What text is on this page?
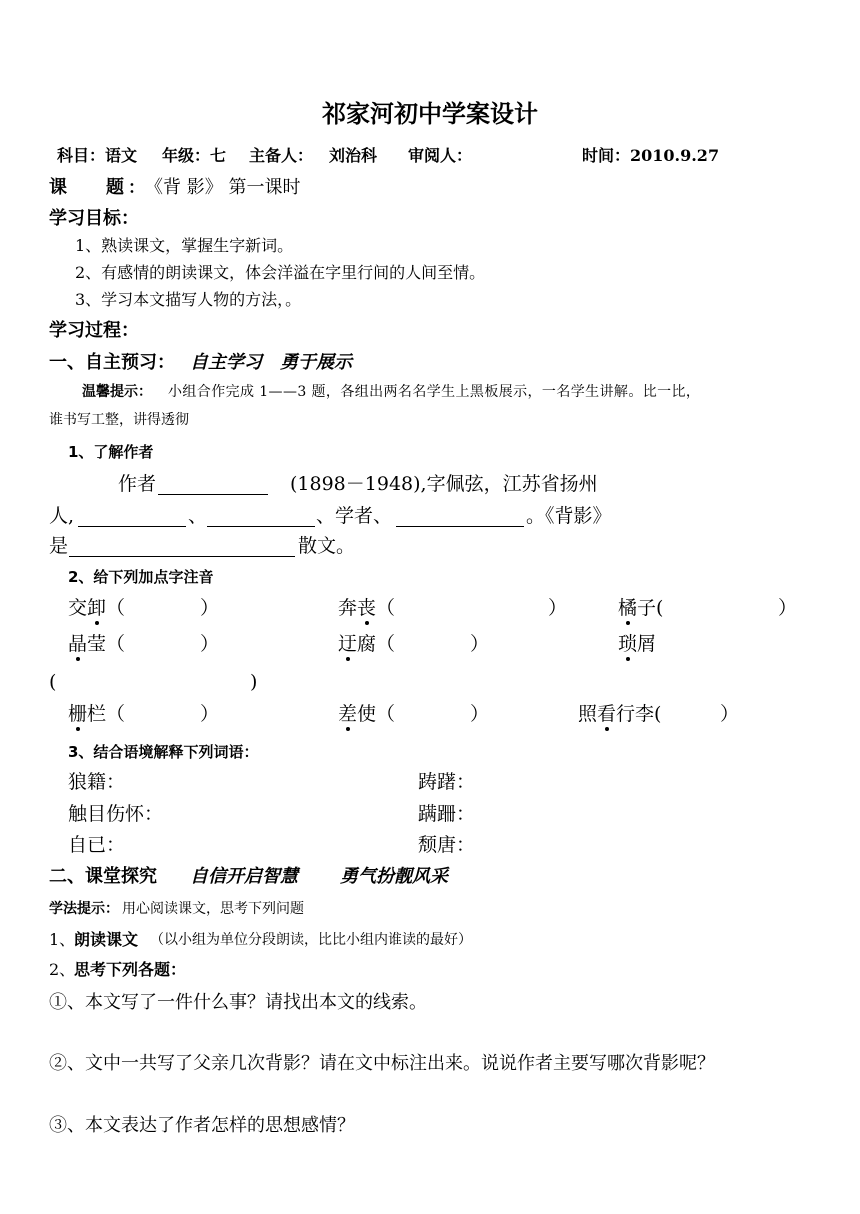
祁家河初中学案设计
科目：语文 年级：七 主备人： 刘治科 审阅人：	时间：2010.9.27
课 题 ： 《背 影》 第一课时
学习目标：
1、熟读课文，掌握生字新词。
2、有感情的朗读课文，体会洋溢在字里行间的人间至情。
3、学习本文描写人物的方法，。
学习过程：
一、自主预习： 自主学习　勇于展示
温馨提示： 小组合作完成 1——3 题，各组出两名名学生上黑板展示，一名学生讲解。比一比，
谁书写工整，讲得透彻
1、了解作者
作者	(1898－1948),字佩弦，江苏省扬州
人,	、	、学者、	。《背影》
是	散文。
2、给下列加点字注音
交卸（	）	奔丧（	）	橘子(	）
晶莹（	）	迂腐（	）	琐屑
(	)
栅栏（	）	差使（	）	照看行李(	）
3、结合语境解释下列词语：
狼籍：	踌躇：
触目伤怀：	蹒跚：
自已：	颓唐：
二、课堂探究 自信开启智慧 勇气扮靓风采
学法提示： 用心阅读课文，思考下列问题
1、
朗读课文 （以小组为单位分段朗读，比比小组内谁读的最好）
2、
思考下列各题：
①、本文写了一件什么事？请找出本文的线索。
②、文中一共写了父亲几次背影？请在文中标注出来。说说作者主要写哪次背影呢？
③、本文表达了作者怎样的思想感情？
